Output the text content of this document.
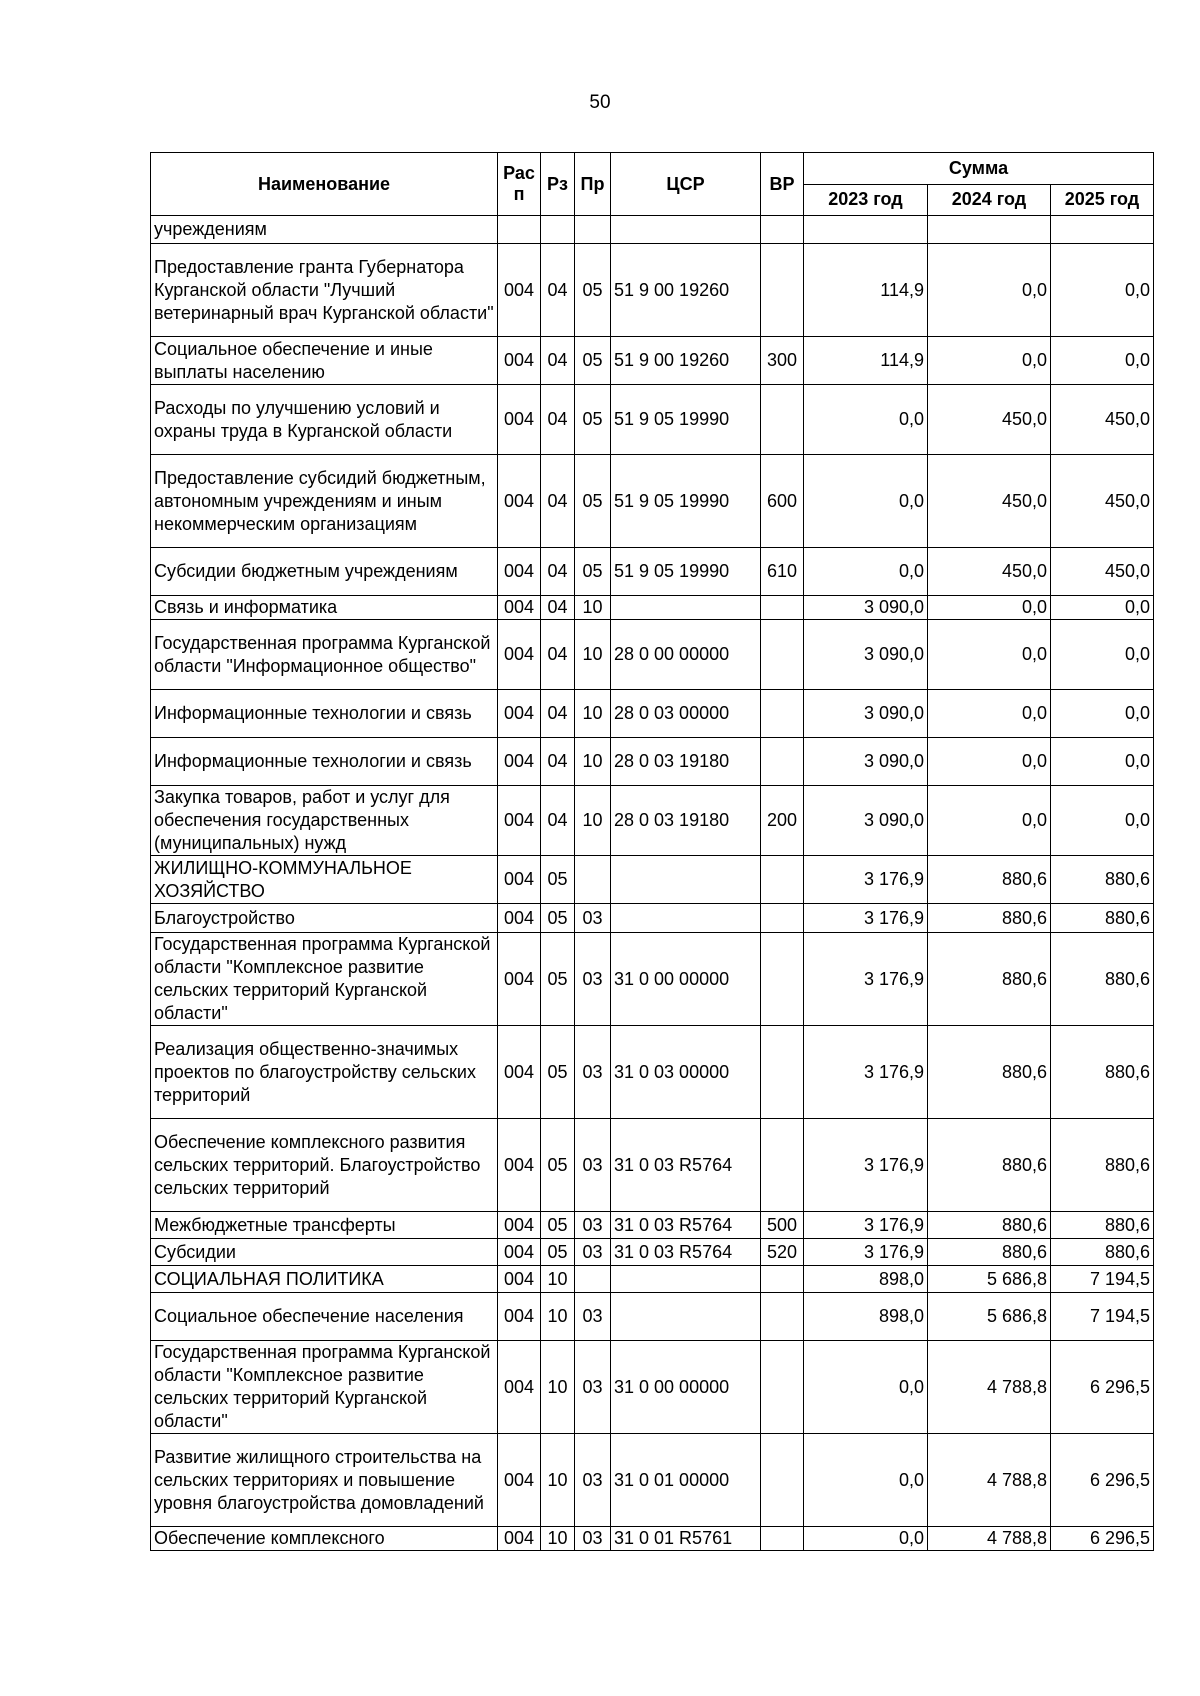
50
Наименование	Рас п	Рз	Пр	ЦСР	ВР	Сумма		
						2023 год	2024 год	2025 год
учреждениям								
Предоставление гранта Губернатора Курганской области "Лучший ветеринарный врач Курганской области"	004	04	05	51 9 00 19260		114,9	0,0	0,0
Социальное обеспечение и иные выплаты населению	004	04	05	51 9 00 19260	300	114,9	0,0	0,0
Расходы по улучшению условий и охраны труда в Курганской области	004	04	05	51 9 05 19990		0,0	450,0	450,0
Предоставление субсидий бюджетным, автономным учреждениям и иным некоммерческим организациям	004	04	05	51 9 05 19990	600	0,0	450,0	450,0
Субсидии бюджетным учреждениям	004	04	05	51 9 05 19990	610	0,0	450,0	450,0
Связь и информатика	004	04	10			3 090,0	0,0	0,0
Государственная программа Курганской области "Информационное общество"	004	04	10	28 0 00 00000		3 090,0	0,0	0,0
Информационные технологии и связь	004	04	10	28 0 03 00000		3 090,0	0,0	0,0
Информационные технологии и связь	004	04	10	28 0 03 19180		3 090,0	0,0	0,0
Закупка товаров, работ и услуг для обеспечения государственных (муниципальных) нужд	004	04	10	28 0 03 19180	200	3 090,0	0,0	0,0
ЖИЛИЩНО-КОММУНАЛЬНОЕ ХОЗЯЙСТВО	004	05				3 176,9	880,6	880,6
Благоустройство	004	05	03			3 176,9	880,6	880,6
Государственная программа Курганской области "Комплексное развитие сельских территорий Курганской области"	004	05	03	31 0 00 00000		3 176,9	880,6	880,6
Реализация общественно-значимых проектов по благоустройству сельских территорий	004	05	03	31 0 03 00000		3 176,9	880,6	880,6
Обеспечение комплексного развития сельских территорий. Благоустройство сельских территорий	004	05	03	31 0 03 R5764		3 176,9	880,6	880,6
Межбюджетные трансферты	004	05	03	31 0 03 R5764	500	3 176,9	880,6	880,6
Субсидии	004	05	03	31 0 03 R5764	520	3 176,9	880,6	880,6
СОЦИАЛЬНАЯ ПОЛИТИКА	004	10				898,0	5 686,8	7 194,5
Социальное обеспечение населения	004	10	03			898,0	5 686,8	7 194,5
Государственная программа Курганской области "Комплексное развитие сельских территорий Курганской области"	004	10	03	31 0 00 00000		0,0	4 788,8	6 296,5
Развитие жилищного строительства на сельских территориях и повышение уровня благоустройства домовладений	004	10	03	31 0 01 00000		0,0	4 788,8	6 296,5
Обеспечение комплексного	004	10	03	31 0 01 R5761		0,0	4 788,8	6 296,5
